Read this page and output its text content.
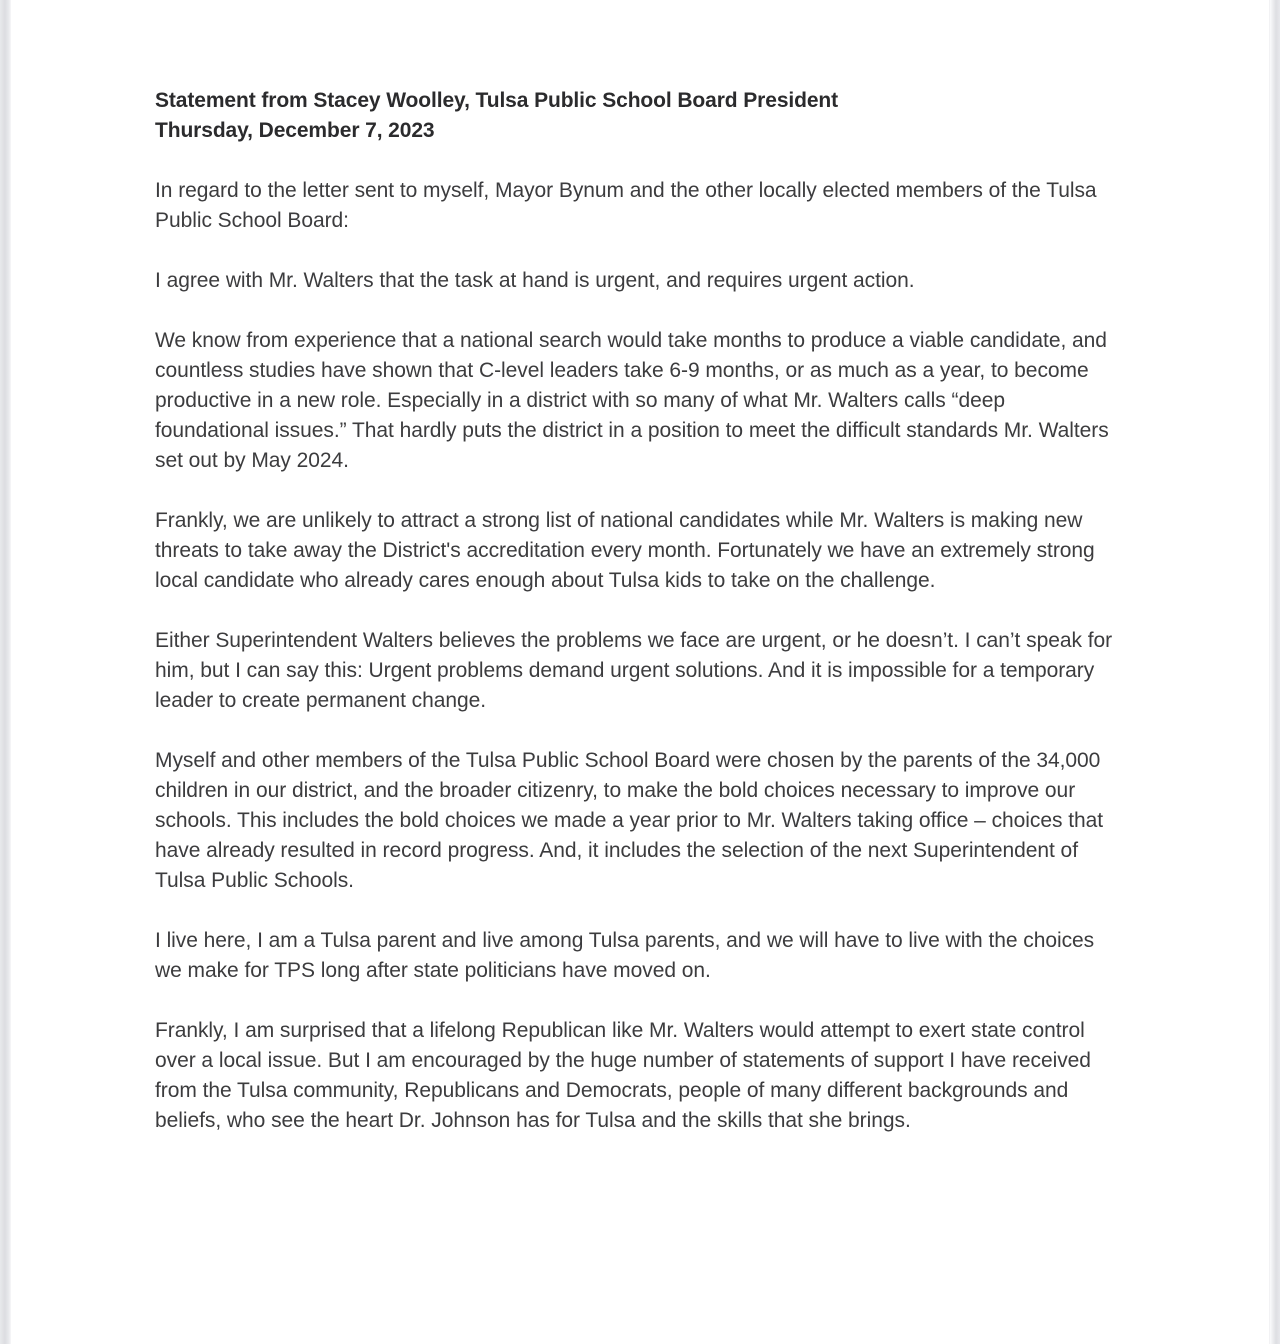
Statement from Stacey Woolley, Tulsa Public School Board President
Thursday, December 7, 2023

In regard to the letter sent to myself, Mayor Bynum and the other locally elected members of the Tulsa Public School Board:

I agree with Mr. Walters that the task at hand is urgent, and requires urgent action.

We know from experience that a national search would take months to produce a viable candidate, and countless studies have shown that C-level leaders take 6-9 months, or as much as a year, to become productive in a new role. Especially in a district with so many of what Mr. Walters calls “deep foundational issues.” That hardly puts the district in a position to meet the difficult standards Mr. Walters set out by May 2024.

Frankly, we are unlikely to attract a strong list of national candidates while Mr. Walters is making new threats to take away the District's accreditation every month. Fortunately we have an extremely strong local candidate who already cares enough about Tulsa kids to take on the challenge.

Either Superintendent Walters believes the problems we face are urgent, or he doesn’t. I can’t speak for him, but I can say this: Urgent problems demand urgent solutions. And it is impossible for a temporary leader to create permanent change.

Myself and other members of the Tulsa Public School Board were chosen by the parents of the 34,000 children in our district, and the broader citizenry, to make the bold choices necessary to improve our schools. This includes the bold choices we made a year prior to Mr. Walters taking office – choices that have already resulted in record progress. And, it includes the selection of the next Superintendent of Tulsa Public Schools.

I live here, I am a Tulsa parent and live among Tulsa parents, and we will have to live with the choices we make for TPS long after state politicians have moved on.

Frankly, I am surprised that a lifelong Republican like Mr. Walters would attempt to exert state control over a local issue. But I am encouraged by the huge number of statements of support I have received from the Tulsa community, Republicans and Democrats, people of many different backgrounds and beliefs, who see the heart Dr. Johnson has for Tulsa and the skills that she brings.
